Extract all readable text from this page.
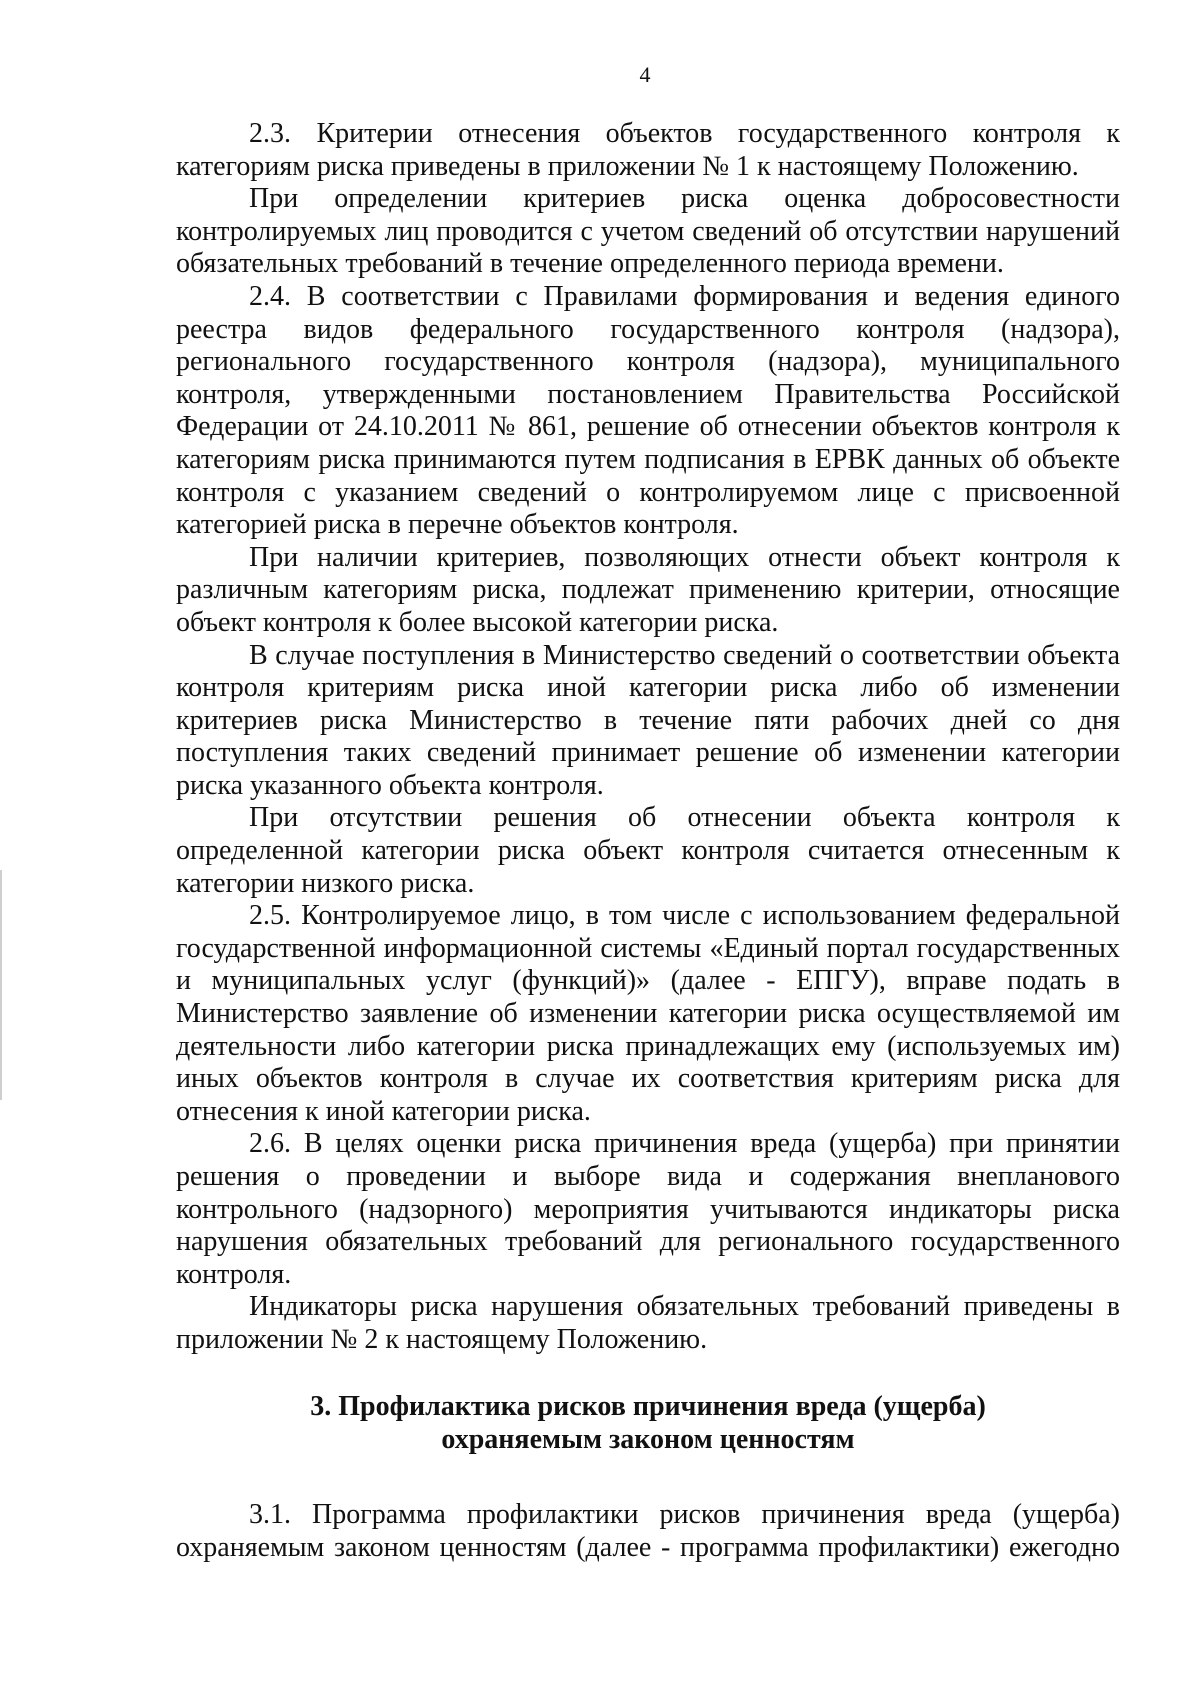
4

2.3. Критерии отнесения объектов государственного контроля к категориям риска приведены в приложении № 1 к настоящему Положению.

При определении критериев риска оценка добросовестности контролируемых лиц проводится с учетом сведений об отсутствии нарушений обязательных требований в течение определенного периода времени.

2.4. В соответствии с Правилами формирования и ведения единого реестра видов федерального государственного контроля (надзора), регионального государственного контроля (надзора), муниципального контроля, утвержденными постановлением Правительства Российской Федерации от 24.10.2011 № 861, решение об отнесении объектов контроля к категориям риска принимаются путем подписания в ЕРВК данных об объекте контроля с указанием сведений о контролируемом лице с присвоенной категорией риска в перечне объектов контроля.

При наличии критериев, позволяющих отнести объект контроля к различным категориям риска, подлежат применению критерии, относящие объект контроля к более высокой категории риска.

В случае поступления в Министерство сведений о соответствии объекта контроля критериям риска иной категории риска либо об изменении критериев риска Министерство в течение пяти рабочих дней со дня поступления таких сведений принимает решение об изменении категории риска указанного объекта контроля.

При отсутствии решения об отнесении объекта контроля к определенной категории риска объект контроля считается отнесенным к категории низкого риска.

2.5. Контролируемое лицо, в том числе с использованием федеральной государственной информационной системы «Единый портал государственных и муниципальных услуг (функций)» (далее - ЕПГУ), вправе подать в Министерство заявление об изменении категории риска осуществляемой им деятельности либо категории риска принадлежащих ему (используемых им) иных объектов контроля в случае их соответствия критериям риска для отнесения к иной категории риска.

2.6. В целях оценки риска причинения вреда (ущерба) при принятии решения о проведении и выборе вида и содержания внепланового контрольного (надзорного) мероприятия учитываются индикаторы риска нарушения обязательных требований для регионального государственного контроля.

Индикаторы риска нарушения обязательных требований приведены в приложении № 2 к настоящему Положению.

3. Профилактика рисков причинения вреда (ущерба)
охраняемым законом ценностям

3.1. Программа профилактики рисков причинения вреда (ущерба) охраняемым законом ценностям (далее - программа профилактики) ежегодно
